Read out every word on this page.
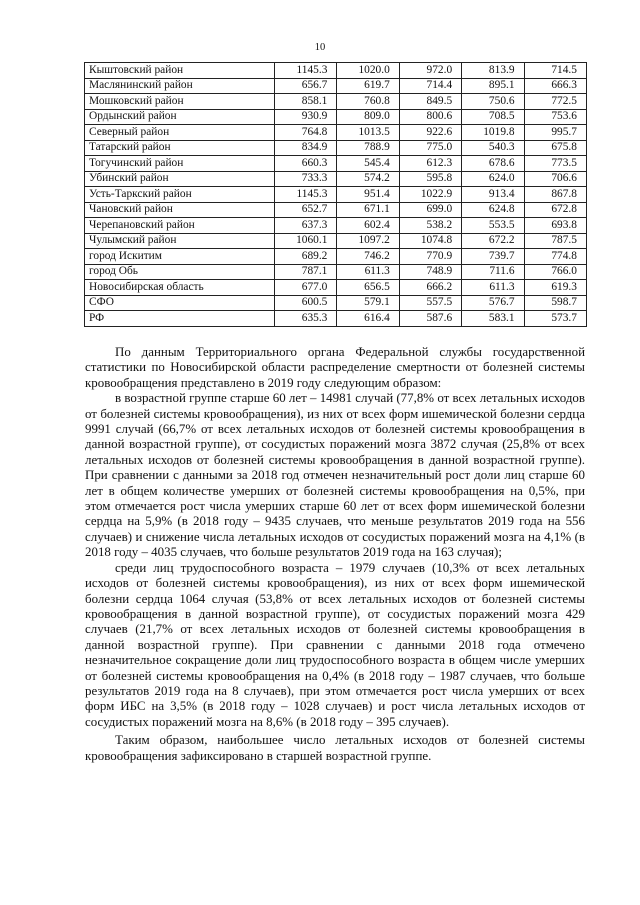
10
Кыштовский район	1145.3	1020.0	972.0	813.9	714.5
Маслянинский район	656.7	619.7	714.4	895.1	666.3
Мошковский район	858.1	760.8	849.5	750.6	772.5
Ордынский район	930.9	809.0	800.6	708.5	753.6
Северный район	764.8	1013.5	922.6	1019.8	995.7
Татарский район	834.9	788.9	775.0	540.3	675.8
Тогучинский район	660.3	545.4	612.3	678.6	773.5
Убинский район	733.3	574.2	595.8	624.0	706.6
Усть-Таркский район	1145.3	951.4	1022.9	913.4	867.8
Чановский район	652.7	671.1	699.0	624.8	672.8
Черепановский район	637.3	602.4	538.2	553.5	693.8
Чулымский район	1060.1	1097.2	1074.8	672.2	787.5
город Искитим	689.2	746.2	770.9	739.7	774.8
город Обь	787.1	611.3	748.9	711.6	766.0
Новосибирская область	677.0	656.5	666.2	611.3	619.3
СФО	600.5	579.1	557.5	576.7	598.7
РФ	635.3	616.4	587.6	583.1	573.7

По данным Территориального органа Федеральной службы государственной статистики по Новосибирской области распределение смертности от болезней системы кровообращения представлено в 2019 году следующим образом:

в возрастной группе старше 60 лет – 14981 случай (77,8% от всех летальных исходов от болезней системы кровообращения), из них от всех форм ишемической болезни сердца 9991 случай (66,7% от всех летальных исходов от болезней системы кровообращения в данной возрастной группе), от сосудистых поражений мозга 3872 случая (25,8% от всех летальных исходов от болезней системы кровообращения в данной возрастной группе). При сравнении с данными за 2018 год отмечен незначительный рост доли лиц старше 60 лет в общем количестве умерших от болезней системы кровообращения на 0,5%, при этом отмечается рост числа умерших старше 60 лет от всех форм ишемической болезни сердца на 5,9% (в 2018 году – 9435 случаев, что меньше результатов 2019 года на 556 случаев) и снижение числа летальных исходов от сосудистых поражений мозга на 4,1% (в 2018 году – 4035 случаев, что больше результатов 2019 года на 163 случая);

среди лиц трудоспособного возраста – 1979 случаев (10,3% от всех летальных исходов от болезней системы кровообращения), из них от всех форм ишемической болезни сердца 1064 случая (53,8% от всех летальных исходов от болезней системы кровообращения в данной возрастной группе), от сосудистых поражений мозга 429 случаев (21,7% от всех летальных исходов от болезней системы кровообращения в данной возрастной группе). При сравнении с данными 2018 года отмечено незначительное сокращение доли лиц трудоспособного возраста в общем числе умерших от болезней системы кровообращения на 0,4% (в 2018 году – 1987 случаев, что больше результатов 2019 года на 8 случаев), при этом отмечается рост числа умерших от всех форм ИБС на 3,5% (в 2018 году – 1028 случаев) и рост числа летальных исходов от сосудистых поражений мозга на 8,6% (в 2018 году – 395 случаев).

Таким образом, наибольшее число летальных исходов от болезней системы кровообращения зафиксировано в старшей возрастной группе.
